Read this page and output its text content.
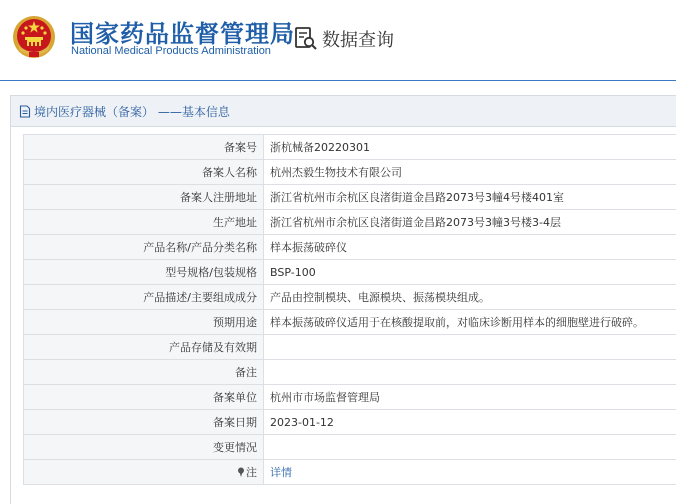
国家药品监督管理局
National Medical Products Administration	数据查询
境内医疗器械（备案） ——基本信息
备案号	浙杭械备20220301
备案人名称	杭州杰毅生物技术有限公司
备案人注册地址	浙江省杭州市余杭区良渚街道金昌路2073号3幢4号楼401室
生产地址	浙江省杭州市余杭区良渚街道金昌路2073号3幢3号楼3-4层
产品名称/产品分类名称	样本振荡破碎仪
型号规格/包装规格	BSP-100
产品描述/主要组成成分	产品由控制模块、电源模块、振荡模块组成。
预期用途	样本振荡破碎仪适用于在核酸提取前，对临床诊断用样本的细胞壁进行破碎。
产品存储及有效期	
备注	
备案单位	杭州市市场监督管理局
备案日期	2023-01-12
变更情况	
注	详情
